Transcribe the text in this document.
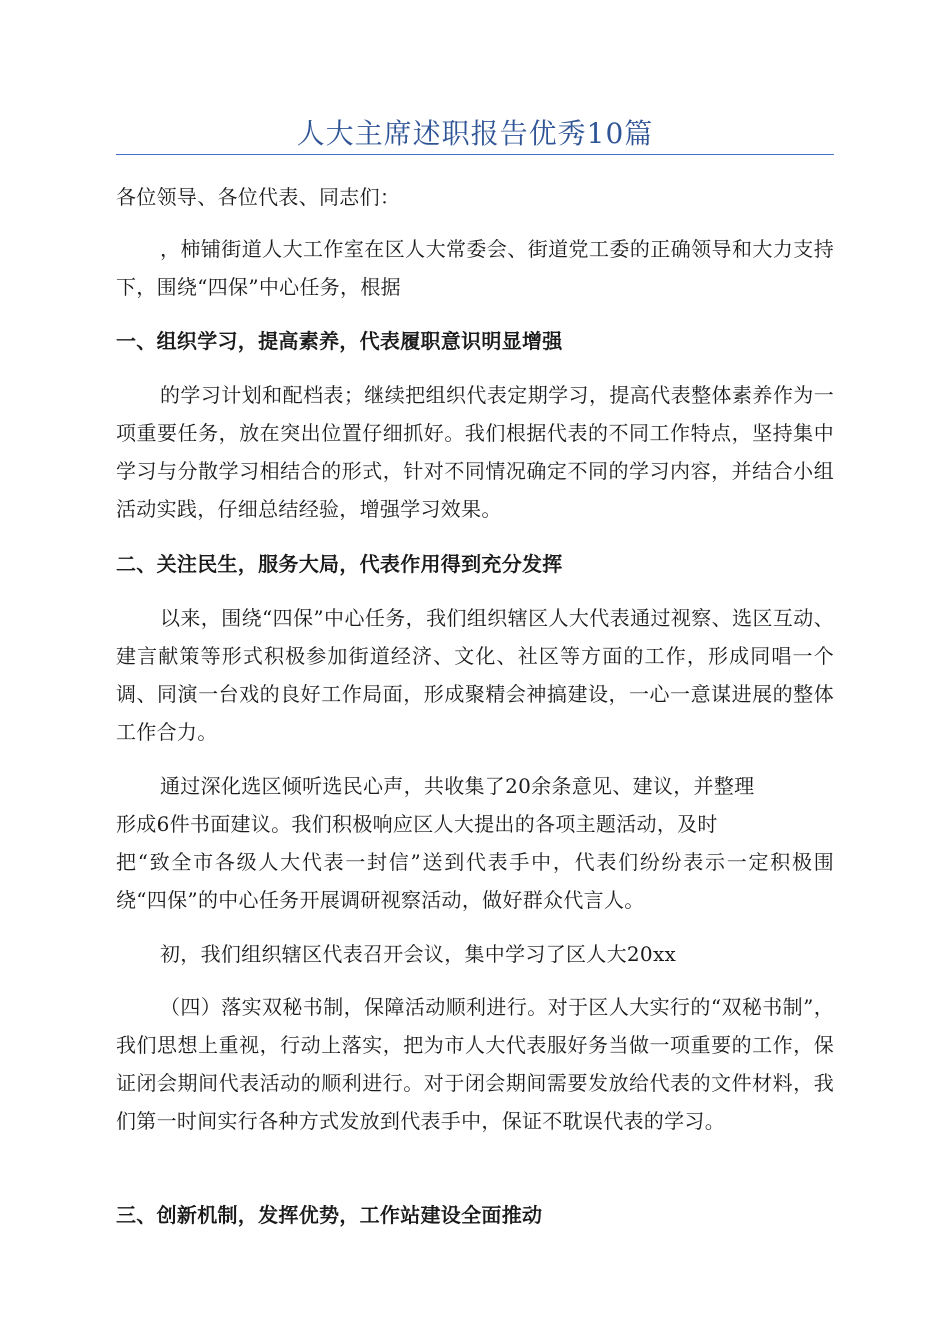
人大主席述职报告优秀10篇
各位领导、各位代表、同志们：
，柿铺街道人大工作室在区人大常委会、街道党工委的正确领导和大力支持下，围绕“四保”中心任务，根据
一、组织学习，提高素养，代表履职意识明显增强
的学习计划和配档表；继续把组织代表定期学习，提高代表整体素养作为一项重要任务，放在突出位置仔细抓好。我们根据代表的不同工作特点，坚持集中学习与分散学习相结合的形式，针对不同情况确定不同的学习内容，并结合小组活动实践，仔细总结经验，增强学习效果。
二、关注民生，服务大局，代表作用得到充分发挥
以来，围绕“四保”中心任务，我们组织辖区人大代表通过视察、选区互动、建言献策等形式积极参加街道经济、文化、社区等方面的工作，形成同唱一个调、同演一台戏的良好工作局面，形成聚精会神搞建设，一心一意谋进展的整体工作合力。
通过深化选区倾听选民心声，共收集了20余条意见、建议，并整理
形成6件书面建议。我们积极响应区人大提出的各项主题活动，及时
把“致全市各级人大代表一封信”送到代表手中，代表们纷纷表示一定积极围绕“四保”的中心任务开展调研视察活动，做好群众代言人。
初，我们组织辖区代表召开会议，集中学习了区人大20xx
（四）落实双秘书制，保障活动顺利进行。对于区人大实行的“双秘书制”，我们思想上重视，行动上落实，把为市人大代表服好务当做一项重要的工作，保证闭会期间代表活动的顺利进行。对于闭会期间需要发放给代表的文件材料，我们第一时间实行各种方式发放到代表手中，保证不耽误代表的学习。
三、创新机制，发挥优势，工作站建设全面推动
